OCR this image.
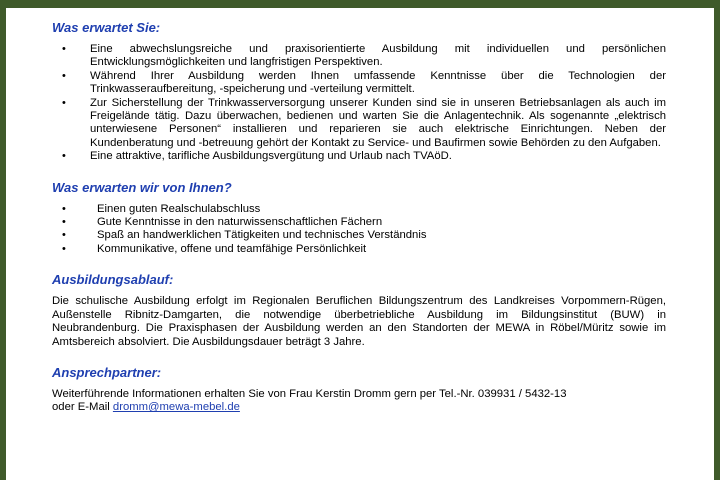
Was erwartet Sie:
• Eine abwechslungsreiche und praxisorientierte Ausbildung mit individuellen und persönlichen Entwicklungsmöglichkeiten und langfristigen Perspektiven.
• Während Ihrer Ausbildung werden Ihnen umfassende Kenntnisse über die Technologien der Trinkwasseraufbereitung, -speicherung und -verteilung vermittelt.
• Zur Sicherstellung der Trinkwasserversorgung unserer Kunden sind sie in unseren Betriebsanlagen als auch im Freigelände tätig. Dazu überwachen, bedienen und warten Sie die Anlagentechnik. Als sogenannte „elektrisch unterwiesene Personen“ installieren und reparieren sie auch elektrische Einrichtungen. Neben der Kundenberatung und -betreuung gehört der Kontakt zu Service- und Baufirmen sowie Behörden zu den Aufgaben.
• Eine attraktive, tarifliche Ausbildungsvergütung und Urlaub nach TVAöD.
Was erwarten wir von Ihnen?
•	Einen guten Realschulabschluss
•	Gute Kenntnisse in den naturwissenschaftlichen Fächern
•	Spaß an handwerklichen Tätigkeiten und technisches Verständnis
•	Kommunikative, offene und teamfähige Persönlichkeit
Ausbildungsablauf:

Die schulische Ausbildung erfolgt im Regionalen Beruflichen Bildungszentrum des Landkreises Vorpommern-Rügen, Außenstelle Ribnitz-Damgarten, die notwendige überbetriebliche Ausbildung im Bildungsinstitut (BUW) in Neubrandenburg. Die Praxisphasen der Ausbildung werden an den Standorten der MEWA in Röbel/Müritz sowie im Amtsbereich absolviert. Die Ausbildungsdauer beträgt 3 Jahre.

Ansprechpartner:

Weiterführende Informationen erhalten Sie von Frau Kerstin Dromm gern per Tel.-Nr. 039931 / 5432-13
oder E-Mail dromm@mewa-mebel.de
